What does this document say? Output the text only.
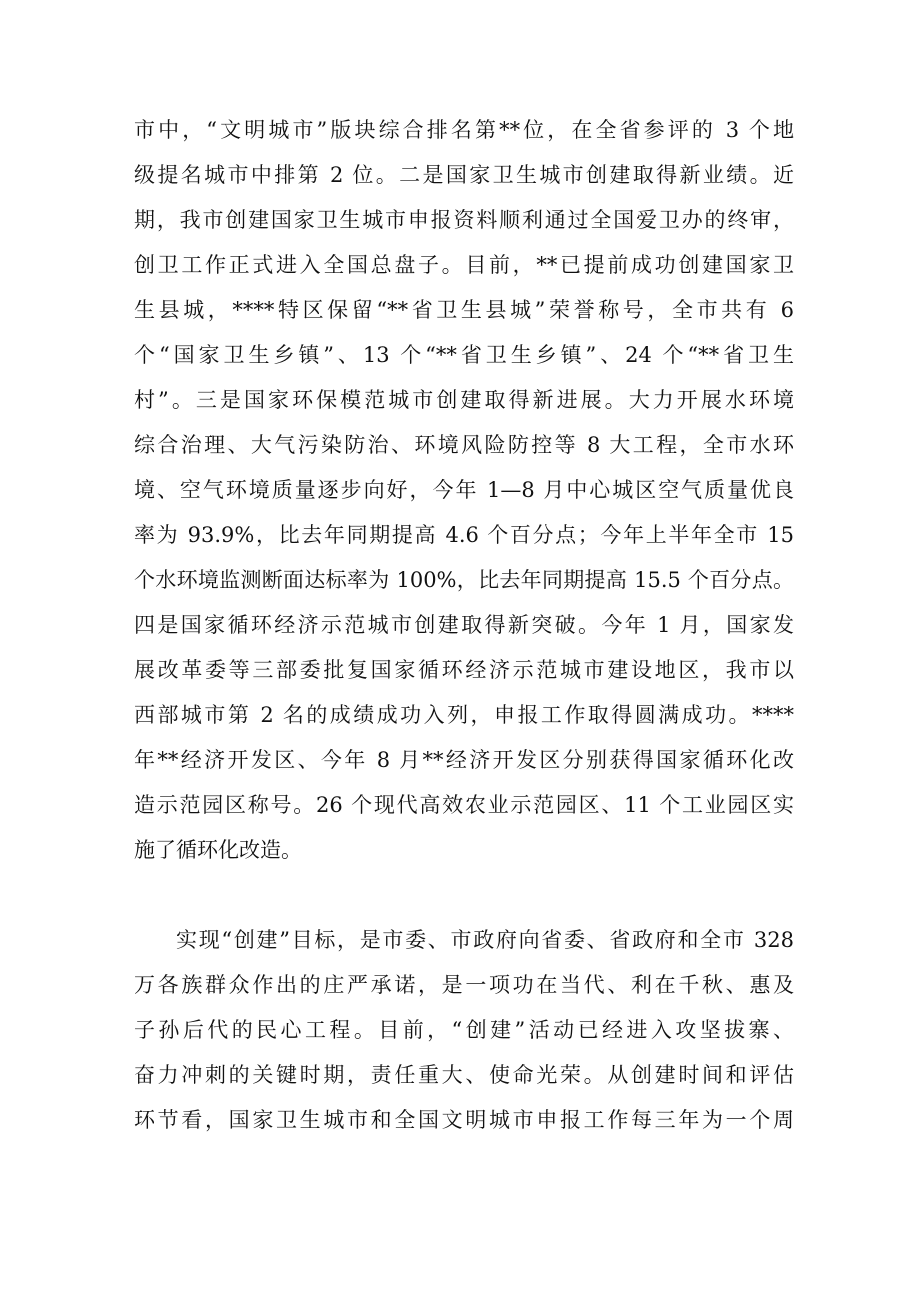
市中，“文明城市”版块综合排名第**位，在全省参评的 3 个地
级提名城市中排第 2 位。二是国家卫生城市创建取得新业绩。近
期，我市创建国家卫生城市申报资料顺利通过全国爱卫办的终审，
创卫工作正式进入全国总盘子。目前，**已提前成功创建国家卫
生县城，****特区保留“**省卫生县城”荣誉称号，全市共有 6
个“国家卫生乡镇”、13 个“**省卫生乡镇”、24 个“**省卫生
村”。三是国家环保模范城市创建取得新进展。大力开展水环境
综合治理、大气污染防治、环境风险防控等 8 大工程，全市水环
境、空气环境质量逐步向好，今年 1—8 月中心城区空气质量优良
率为 93.9%，比去年同期提高 4.6 个百分点；今年上半年全市 15
个水环境监测断面达标率为 100%，比去年同期提高 15.5 个百分点。
四是国家循环经济示范城市创建取得新突破。今年 1 月，国家发
展改革委等三部委批复国家循环经济示范城市建设地区，我市以
西部城市第 2 名的成绩成功入列，申报工作取得圆满成功。****
年**经济开发区、今年 8 月**经济开发区分别获得国家循环化改
造示范园区称号。26 个现代高效农业示范园区、11 个工业园区实
施了循环化改造。
实现“创建”目标，是市委、市政府向省委、省政府和全市 328
万各族群众作出的庄严承诺，是一项功在当代、利在千秋、惠及
子孙后代的民心工程。目前，“创建”活动已经进入攻坚拔寨、
奋力冲刺的关键时期，责任重大、使命光荣。从创建时间和评估
环节看，国家卫生城市和全国文明城市申报工作每三年为一个周
